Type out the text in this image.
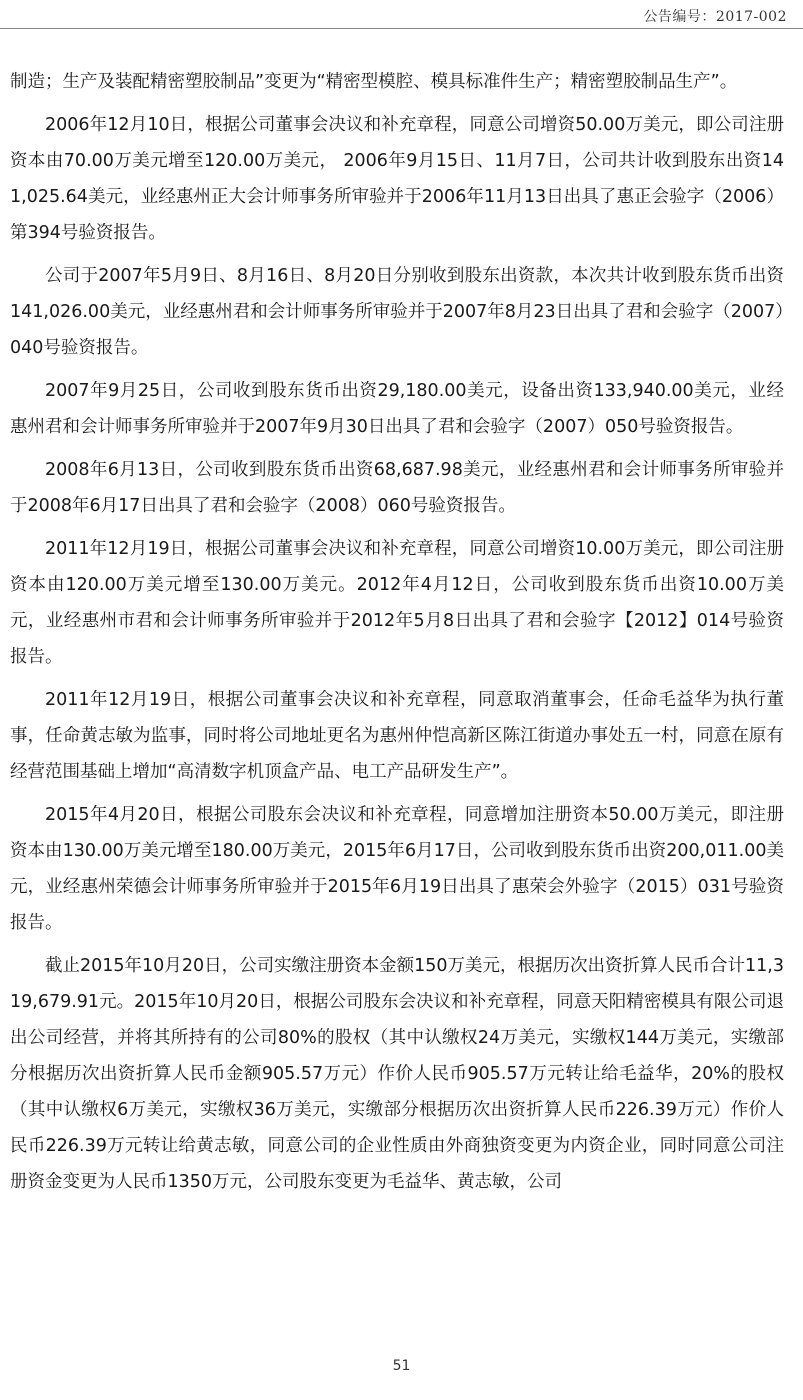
公告编号：2017-002

制造；生产及装配精密塑胶制品”变更为“精密型模腔、模具标准件生产；精密塑胶制品生产”。

2006年12月10日，根据公司董事会决议和补充章程，同意公司增资50.00万美元，即公司注册资本由70.00万美元增至120.00万美元， 2006年9月15日、11月7日，公司共计收到股东出资141,025.64美元，业经惠州正大会计师事务所审验并于2006年11月13日出具了惠正会验字（2006）第394号验资报告。

公司于2007年5月9日、8月16日、8月20日分别收到股东出资款，本次共计收到股东货币出资141,026.00美元，业经惠州君和会计师事务所审验并于2007年8月23日出具了君和会验字（2007）040号验资报告。

2007年9月25日，公司收到股东货币出资29,180.00美元，设备出资133,940.00美元，业经惠州君和会计师事务所审验并于2007年9月30日出具了君和会验字（2007）050号验资报告。

2008年6月13日，公司收到股东货币出资68,687.98美元，业经惠州君和会计师事务所审验并于2008年6月17日出具了君和会验字（2008）060号验资报告。

2011年12月19日，根据公司董事会决议和补充章程，同意公司增资10.00万美元，即公司注册资本由120.00万美元增至130.00万美元。2012年4月12日，公司收到股东货币出资10.00万美元，业经惠州市君和会计师事务所审验并于2012年5月8日出具了君和会验字【2012】014号验资报告。

2011年12月19日，根据公司董事会决议和补充章程，同意取消董事会，任命毛益华为执行董事，任命黄志敏为监事，同时将公司地址更名为惠州仲恺高新区陈江街道办事处五一村，同意在原有经营范围基础上增加“高清数字机顶盒产品、电工产品研发生产”。

2015年4月20日，根据公司股东会决议和补充章程，同意增加注册资本50.00万美元，即注册资本由130.00万美元增至180.00万美元，2015年6月17日，公司收到股东货币出资200,011.00美元，业经惠州荣德会计师事务所审验并于2015年6月19日出具了惠荣会外验字（2015）031号验资报告。

截止2015年10月20日，公司实缴注册资本金额150万美元，根据历次出资折算人民币合计11,319,679.91元。2015年10月20日，根据公司股东会决议和补充章程，同意天阳精密模具有限公司退出公司经营，并将其所持有的公司80%的股权（其中认缴权24万美元，实缴权144万美元，实缴部分根据历次出资折算人民币金额905.57万元）作价人民币905.57万元转让给毛益华，20%的股权（其中认缴权6万美元，实缴权36万美元，实缴部分根据历次出资折算人民币226.39万元）作价人民币226.39万元转让给黄志敏，同意公司的企业性质由外商独资变更为内资企业，同时同意公司注册资金变更为人民币1350万元，公司股东变更为毛益华、黄志敏，公司

51
